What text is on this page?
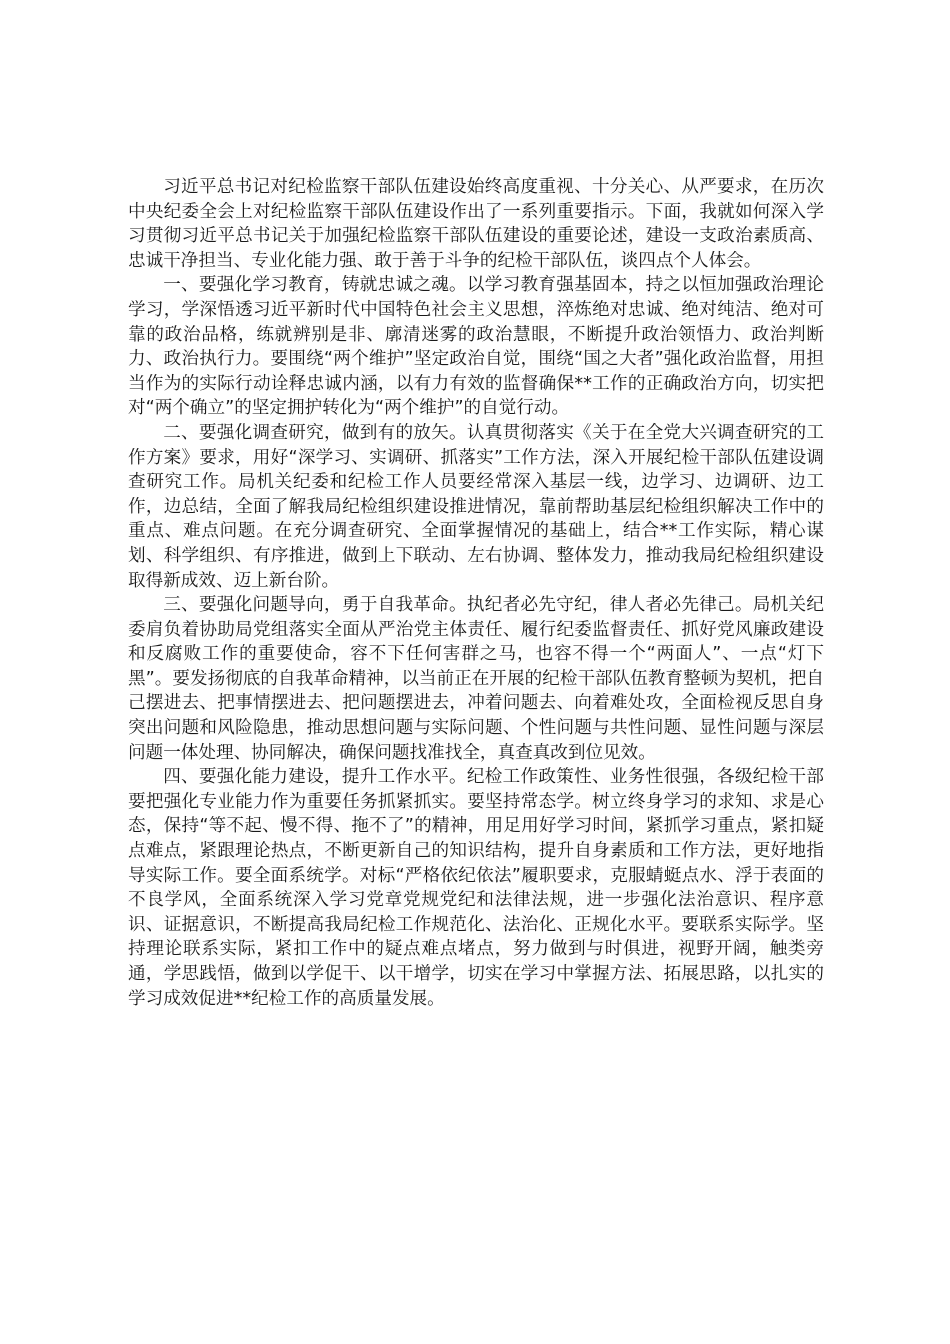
习近平总书记对纪检监察干部队伍建设始终高度重视、十分关心、从严要求，在历次中央纪委全会上对纪检监察干部队伍建设作出了一系列重要指示。下面，我就如何深入学习贯彻习近平总书记关于加强纪检监察干部队伍建设的重要论述，建设一支政治素质高、忠诚干净担当、专业化能力强、敢于善于斗争的纪检干部队伍，谈四点个人体会。

一、要强化学习教育，铸就忠诚之魂。以学习教育强基固本，持之以恒加强政治理论学习，学深悟透习近平新时代中国特色社会主义思想，淬炼绝对忠诚、绝对纯洁、绝对可靠的政治品格，练就辨别是非、廓清迷雾的政治慧眼，不断提升政治领悟力、政治判断力、政治执行力。要围绕“两个维护”坚定政治自觉，围绕“国之大者”强化政治监督，用担当作为的实际行动诠释忠诚内涵，以有力有效的监督确保**工作的正确政治方向，切实把对“两个确立”的坚定拥护转化为“两个维护”的自觉行动。

二、要强化调查研究，做到有的放矢。认真贯彻落实《关于在全党大兴调查研究的工作方案》要求，用好“深学习、实调研、抓落实”工作方法，深入开展纪检干部队伍建设调查研究工作。局机关纪委和纪检工作人员要经常深入基层一线，边学习、边调研、边工作，边总结，全面了解我局纪检组织建设推进情况，靠前帮助基层纪检组织解决工作中的重点、难点问题。在充分调查研究、全面掌握情况的基础上，结合**工作实际，精心谋划、科学组织、有序推进，做到上下联动、左右协调、整体发力，推动我局纪检组织建设取得新成效、迈上新台阶。

三、要强化问题导向，勇于自我革命。执纪者必先守纪，律人者必先律己。局机关纪委肩负着协助局党组落实全面从严治党主体责任、履行纪委监督责任、抓好党风廉政建设和反腐败工作的重要使命，容不下任何害群之马，也容不得一个“两面人”、一点“灯下黑”。要发扬彻底的自我革命精神，以当前正在开展的纪检干部队伍教育整顿为契机，把自己摆进去、把事情摆进去、把问题摆进去，冲着问题去、向着难处攻，全面检视反思自身突出问题和风险隐患，推动思想问题与实际问题、个性问题与共性问题、显性问题与深层问题一体处理、协同解决，确保问题找准找全，真查真改到位见效。

四、要强化能力建设，提升工作水平。纪检工作政策性、业务性很强，各级纪检干部要把强化专业能力作为重要任务抓紧抓实。要坚持常态学。树立终身学习的求知、求是心态，保持“等不起、慢不得、拖不了”的精神，用足用好学习时间，紧抓学习重点，紧扣疑点难点，紧跟理论热点，不断更新自己的知识结构，提升自身素质和工作方法，更好地指导实际工作。要全面系统学。对标“严格依纪依法”履职要求，克服蜻蜓点水、浮于表面的不良学风，全面系统深入学习党章党规党纪和法律法规，进一步强化法治意识、程序意识、证据意识，不断提高我局纪检工作规范化、法治化、正规化水平。要联系实际学。坚持理论联系实际，紧扣工作中的疑点难点堵点，努力做到与时俱进，视野开阔，触类旁通，学思践悟，做到以学促干、以干增学，切实在学习中掌握方法、拓展思路，以扎实的学习成效促进**纪检工作的高质量发展。
